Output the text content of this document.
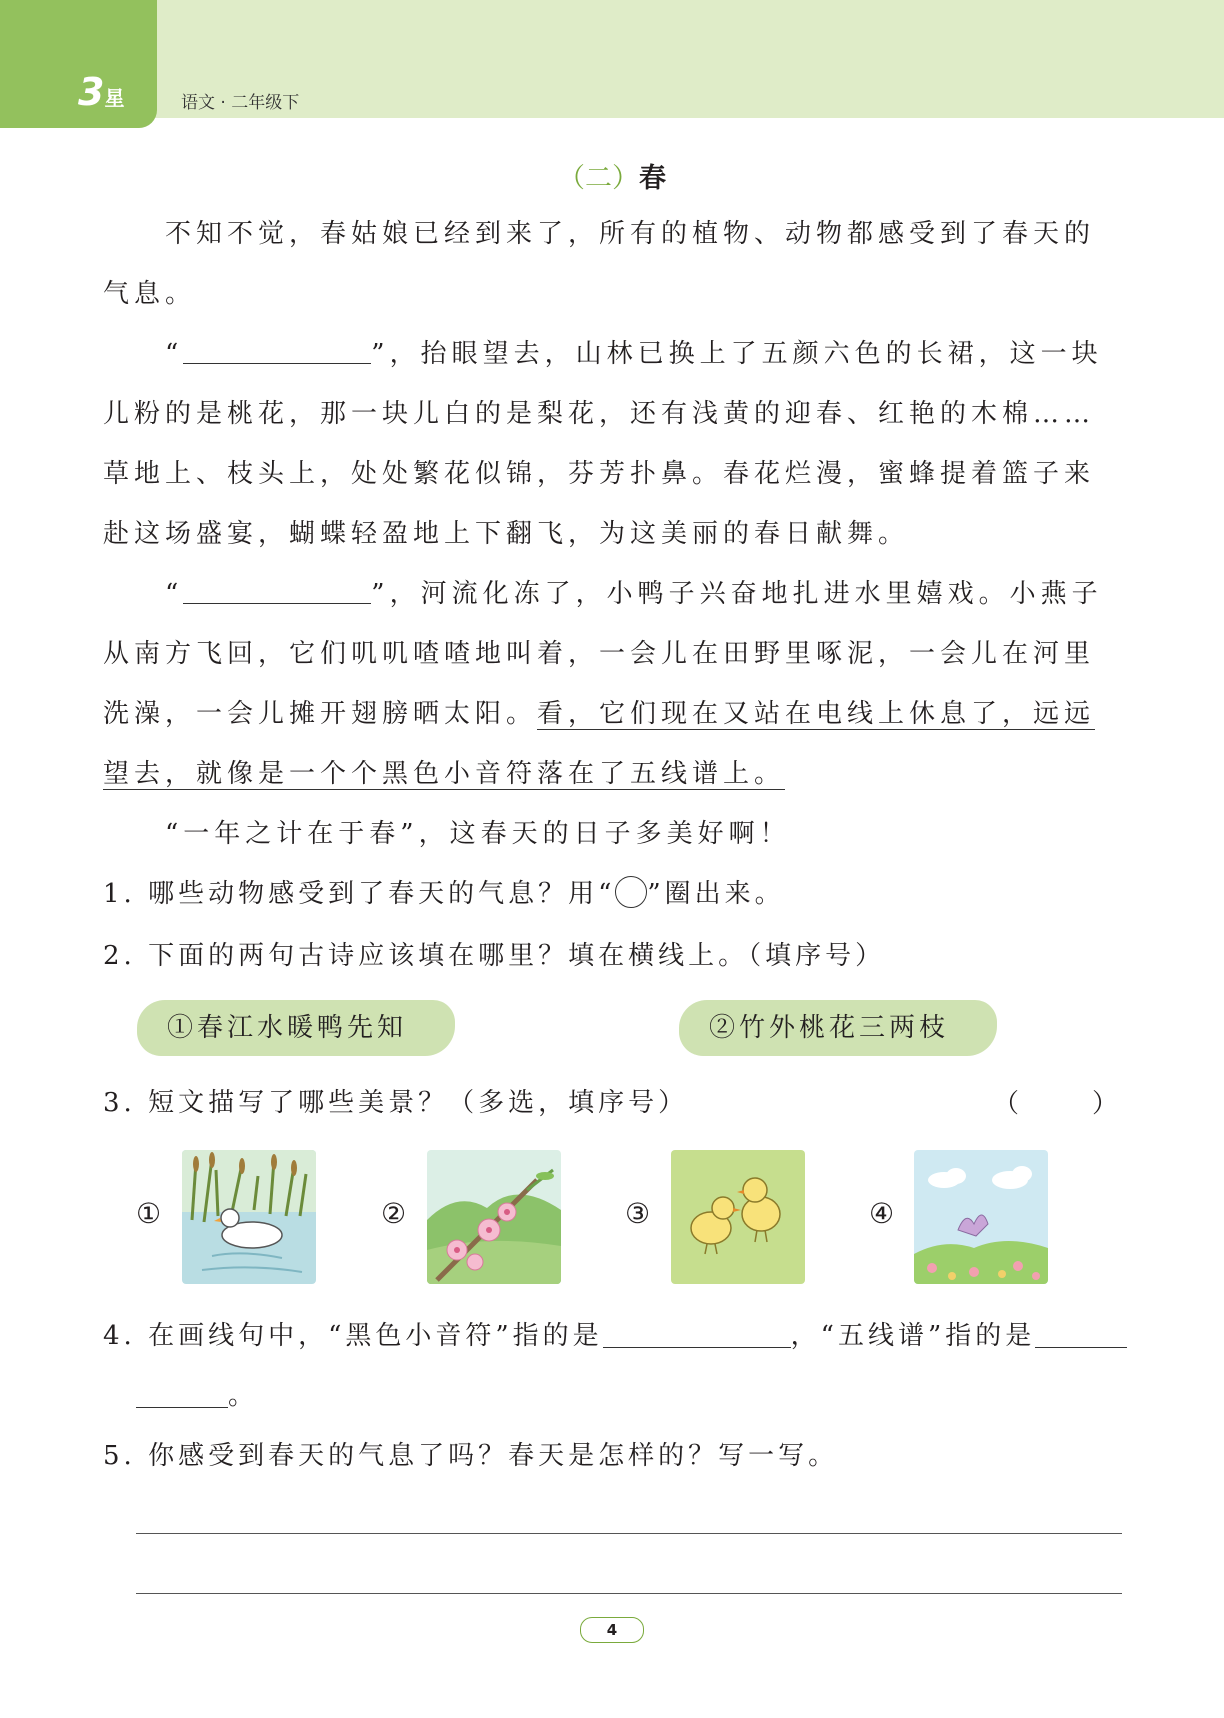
3星	语文 · 二年级下
（二）春

不知不觉，春姑娘已经到来了，所有的植物、动物都感受到了春天的气息。

“	”，抬眼望去，山林已换上了五颜六色的长裙，这一块儿粉的是桃花，那一块儿白的是梨花，还有浅黄的迎春、红艳的木棉……草地上、枝头上，处处繁花似锦，芬芳扑鼻。春花烂漫，蜜蜂提着篮子来赴这场盛宴，蝴蝶轻盈地上下翻飞，为这美丽的春日献舞。

“	”，河流化冻了，小鸭子兴奋地扎进水里嬉戏。小燕子从南方飞回，它们叽叽喳喳地叫着，一会儿在田野里啄泥，一会儿在河里洗澡，一会儿摊开翅膀晒太阳。看，它们现在又站在电线上休息了，远远望去，就像是一个个黑色小音符落在了五线谱上。

“一年之计在于春”，这春天的日子多美好啊！

1. 哪些动物感受到了春天的气息？用“ ”圈出来。
2. 下面的两句古诗应该填在哪里？填在横线上。（填序号）
①春江水暖鸭先知	②竹外桃花三两枝
3. 短文描写了哪些美景？（多选，填序号）	（	）
①	②	③	④
4. 在画线句中，“黑色小音符”指的是	，“五线谱”指的是
。
5. 你感受到春天的气息了吗？春天是怎样的？写一写。
4
